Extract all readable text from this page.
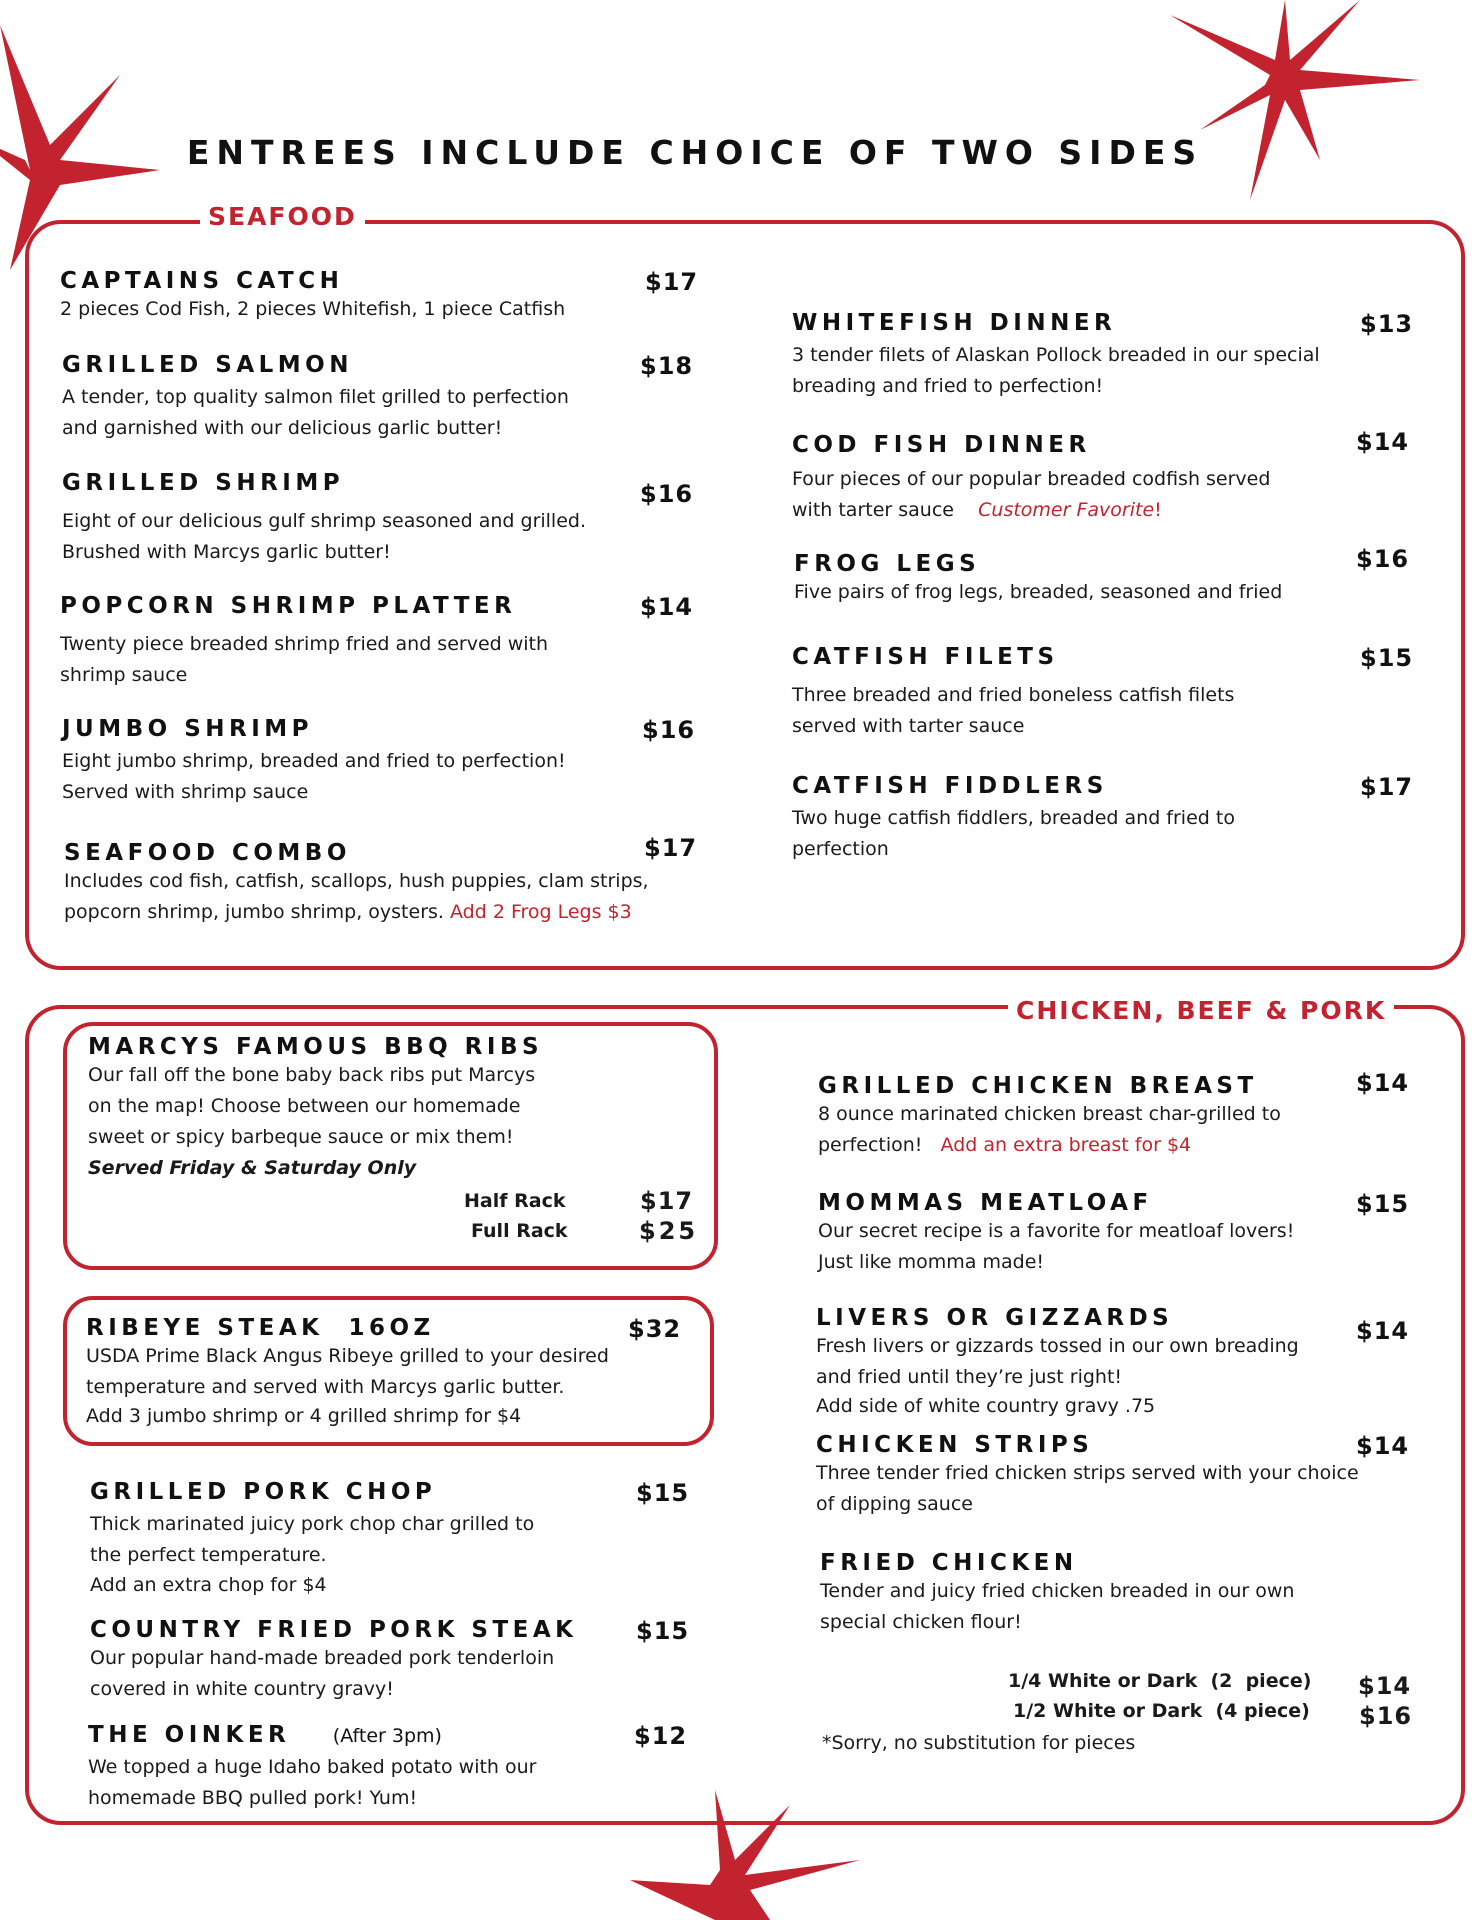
ENTREES INCLUDE CHOICE OF TWO SIDES
SEAFOOD
CAPTAINS CATCH	$17
2 pieces Cod Fish, 2 pieces Whitefish, 1 piece Catfish
GRILLED SALMON	$18
A tender, top quality salmon filet grilled to perfection and garnished with our delicious garlic butter!
GRILLED SHRIMP	$16
Eight of our delicious gulf shrimp seasoned and grilled. Brushed with Marcys garlic butter!
POPCORN SHRIMP PLATTER	$14
Twenty piece breaded shrimp fried and served with shrimp sauce
JUMBO SHRIMP	$16
Eight jumbo shrimp, breaded and fried to perfection! Served with shrimp sauce
SEAFOOD COMBO	$17
Includes cod fish, catfish, scallops, hush puppies, clam strips, popcorn shrimp, jumbo shrimp, oysters. Add 2 Frog Legs $3
WHITEFISH DINNER	$13
3 tender filets of Alaskan Pollock breaded in our special breading and fried to perfection!
COD FISH DINNER	$14
Four pieces of our popular breaded codfish served with tarter sauce Customer Favorite!
FROG LEGS	$16
Five pairs of frog legs, breaded, seasoned and fried
CATFISH FILETS	$15
Three breaded and fried boneless catfish filets served with tarter sauce
CATFISH FIDDLERS	$17
Two huge catfish fiddlers, breaded and fried to perfection
CHICKEN, BEEF & PORK
MARCYS FAMOUS BBQ RIBS
Our fall off the bone baby back ribs put Marcys on the map! Choose between our homemade sweet or spicy barbeque sauce or mix them!
Served Friday & Saturday Only
Half Rack	$17
Full Rack	$25
RIBEYE STEAK  16OZ	$32
USDA Prime Black Angus Ribeye grilled to your desired temperature and served with Marcys garlic butter.
Add 3 jumbo shrimp or 4 grilled shrimp for $4
GRILLED PORK CHOP	$15
Thick marinated juicy pork chop char grilled to the perfect temperature.
Add an extra chop for $4
COUNTRY FRIED PORK STEAK	$15
Our popular hand-made breaded pork tenderloin covered in white country gravy!
THE OINKER (After 3pm)	$12
We topped a huge Idaho baked potato with our homemade BBQ pulled pork! Yum!
GRILLED CHICKEN BREAST	$14
8 ounce marinated chicken breast char-grilled to perfection! Add an extra breast for $4
MOMMAS MEATLOAF	$15
Our secret recipe is a favorite for meatloaf lovers! Just like momma made!
LIVERS OR GIZZARDS	$14
Fresh livers or gizzards tossed in our own breading and fried until they’re just right!
Add side of white country gravy .75
CHICKEN STRIPS	$14
Three tender fried chicken strips served with your choice of dipping sauce
FRIED CHICKEN
Tender and juicy fried chicken breaded in our own special chicken flour!
1/4 White or Dark  (2  piece) $14
1/2 White or Dark  (4 piece) $16
*Sorry, no substitution for pieces
